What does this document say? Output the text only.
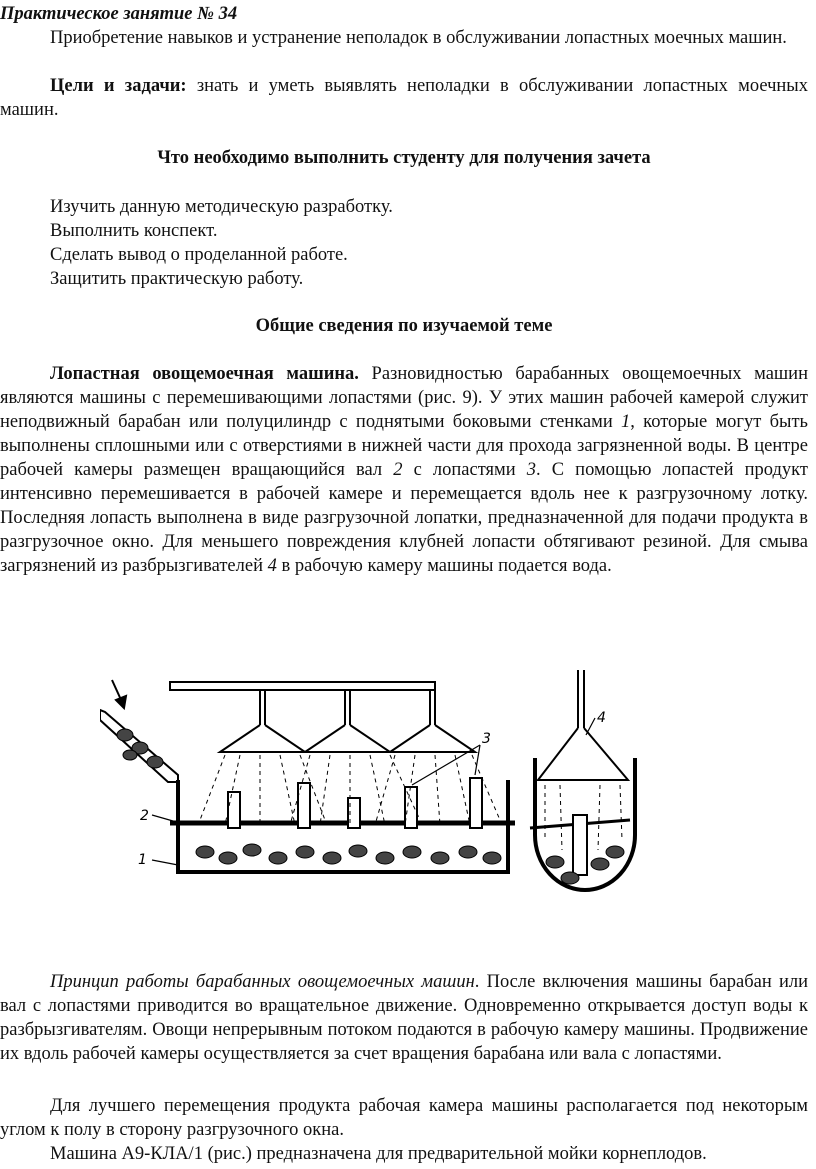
Практическое занятие № 34

Приобретение навыков и устранение неполадок в обслуживании лопастных моечных машин.

Цели и задачи: знать и уметь выявлять неполадки в обслуживании лопастных моечных машин.

Что необходимо выполнить студенту для получения зачета

Изучить данную методическую разработку.
Выполнить конспект.
Сделать вывод о проделанной работе.
Защитить практическую работу.

Общие сведения по изучаемой теме

Лопастная овощемоечная машина. Разновидностью барабанных овощемоечных машин являются машины с перемешивающими лопастями (рис. 9). У этих машин рабочей камерой служит неподвижный барабан или полуцилиндр с поднятыми боковыми стенками 1, которые могут быть выполнены сплошными или с отверстиями в нижней части для прохода загрязненной воды. В центре рабочей камеры размещен вращающийся вал 2 с лопастями 3. С помощью лопастей продукт интенсивно перемешивается в рабочей камере и перемещается вдоль нее к разгрузочному лотку. Последняя лопасть выполнена в виде разгрузочной лопатки, предназначенной для подачи продукта в разгрузочное окно. Для меньшего повреждения клубней лопасти обтягивают резиной. Для смыва загрязнений из разбрызгивателей 4 в рабочую камеру машины подается вода.

2
1
3
4

Принцип работы барабанных овощемоечных машин. После включения машины барабан или вал с лопастями приводится во вращательное движение. Одновременно открывается доступ воды к разбрызгивателям. Овощи непрерывным потоком подаются в рабочую камеру машины. Продвижение их вдоль рабочей камеры осуществляется за счет вращения барабана или вала с лопастями.

Для лучшего перемещения продукта рабочая камера машины располагается под некоторым углом к полу в сторону разгрузочного окна.

Машина А9-КЛА/1 (рис.) предназначена для предварительной мойки корнеплодов.
